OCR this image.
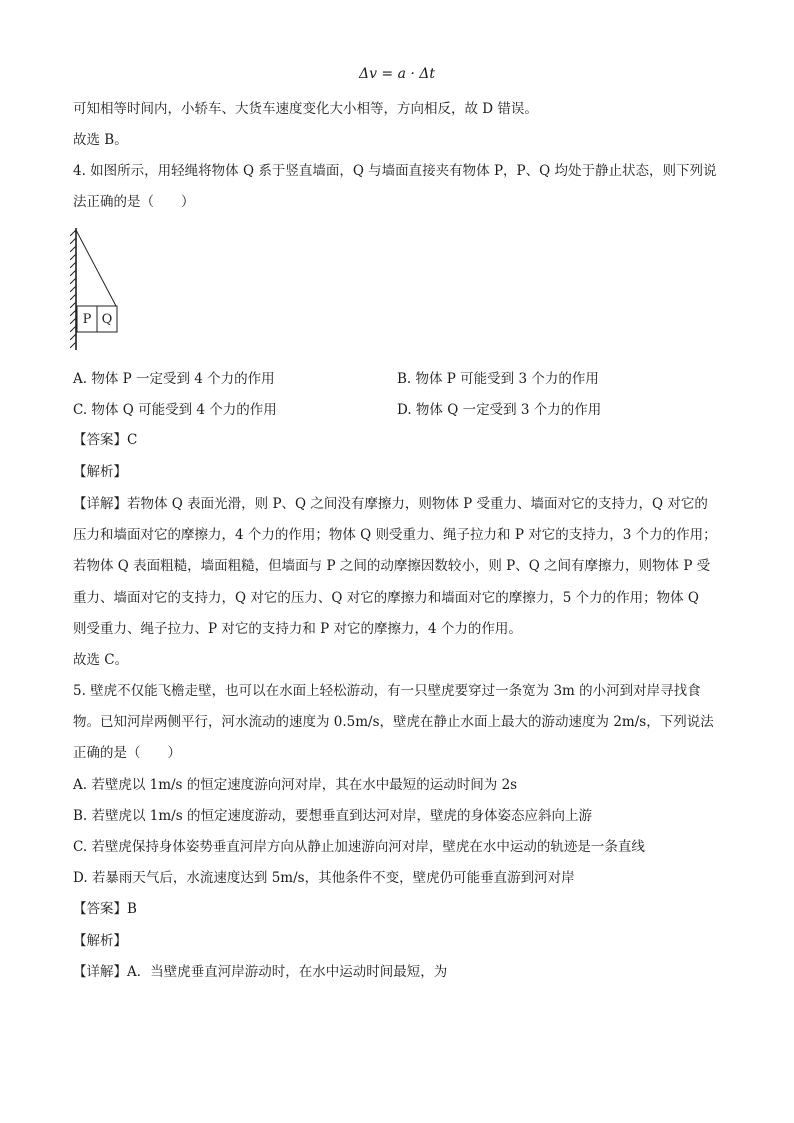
Δv = a · Δt
可知相等时间内，小轿车、大货车速度变化大小相等，方向相反，故 D 错误。
故选 B。
4. 如图所示，用轻绳将物体 Q 系于竖直墙面，Q 与墙面直接夹有物体 P，P、Q 均处于静止状态，则下列说
法正确的是（　　）
P Q
A. 物体 P 一定受到 4 个力的作用	B. 物体 P 可能受到 3 个力的作用
C. 物体 Q 可能受到 4 个力的作用	D. 物体 Q 一定受到 3 个力的作用
【答案】C
【解析】
【详解】若物体 Q 表面光滑，则 P、Q 之间没有摩擦力，则物体 P 受重力、墙面对它的支持力，Q 对它的
压力和墙面对它的摩擦力，4 个力的作用；物体 Q 则受重力、绳子拉力和 P 对它的支持力，3 个力的作用；
若物体 Q 表面粗糙，墙面粗糙，但墙面与 P 之间的动摩擦因数较小，则 P、Q 之间有摩擦力，则物体 P 受
重力、墙面对它的支持力，Q 对它的压力、Q 对它的摩擦力和墙面对它的摩擦力，5 个力的作用；物体 Q
则受重力、绳子拉力、P 对它的支持力和 P 对它的摩擦力，4 个力的作用。
故选 C。
5. 壁虎不仅能飞檐走壁，也可以在水面上轻松游动，有一只壁虎要穿过一条宽为 3m 的小河到对岸寻找食
物。已知河岸两侧平行，河水流动的速度为 0.5m/s，壁虎在静止水面上最大的游动速度为 2m/s，下列说法
正确的是（　　）
A. 若壁虎以 1m/s 的恒定速度游向河对岸，其在水中最短的运动时间为 2s
B. 若壁虎以 1m/s 的恒定速度游动，要想垂直到达河对岸，壁虎的身体姿态应斜向上游
C. 若壁虎保持身体姿势垂直河岸方向从静止加速游向河对岸，壁虎在水中运动的轨迹是一条直线
D. 若暴雨天气后，水流速度达到 5m/s，其他条件不变，壁虎仍可能垂直游到河对岸
【答案】B
【解析】
【详解】A．当壁虎垂直河岸游动时，在水中运动时间最短，为
